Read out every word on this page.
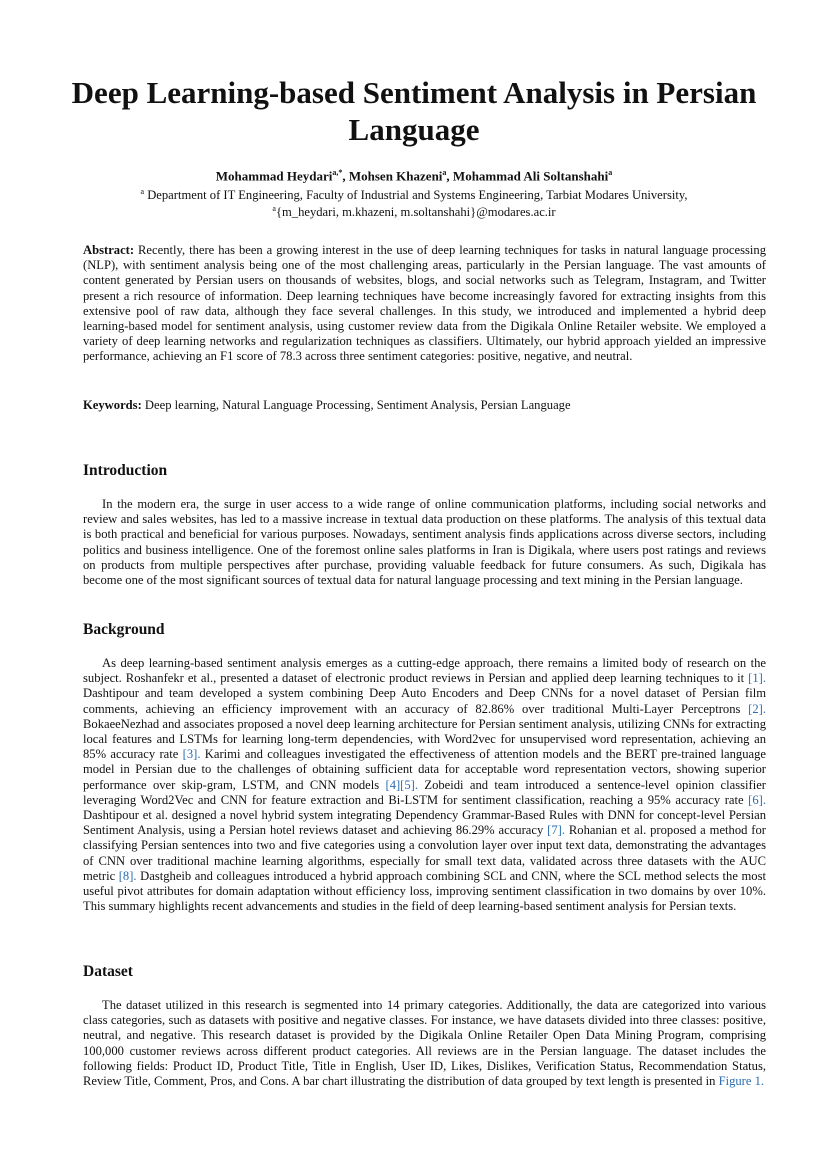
Deep Learning-based Sentiment Analysis in Persian Language
Mohammad Heydari$^{a,*}$, Mohsen Khazeni$^a$, Mohammad Ali Soltanshahi$^a$
$^a$ Department of IT Engineering, Faculty of Industrial and Systems Engineering, Tarbiat Modares University,
$^a${m_heydari, m.khazeni, m.soltanshahi}@modares.ac.ir
Abstract: Recently, there has been a growing interest in the use of deep learning techniques for tasks in natural language processing (NLP), with sentiment analysis being one of the most challenging areas, particularly in the Persian language. The vast amounts of content generated by Persian users on thousands of websites, blogs, and social networks such as Telegram, Instagram, and Twitter present a rich resource of information. Deep learning techniques have become increasingly favored for extracting insights from this extensive pool of raw data, although they face several challenges. In this study, we introduced and implemented a hybrid deep learning-based model for sentiment analysis, using customer review data from the Digikala Online Retailer website. We employed a variety of deep learning networks and regularization techniques as classifiers. Ultimately, our hybrid approach yielded an impressive performance, achieving an F1 score of 78.3 across three sentiment categories: positive, negative, and neutral.
Keywords: Deep learning, Natural Language Processing, Sentiment Analysis, Persian Language
Introduction
In the modern era, the surge in user access to a wide range of online communication platforms, including social networks and review and sales websites, has led to a massive increase in textual data production on these platforms. The analysis of this textual data is both practical and beneficial for various purposes. Nowadays, sentiment analysis finds applications across diverse sectors, including politics and business intelligence. One of the foremost online sales platforms in Iran is Digikala, where users post ratings and reviews on products from multiple perspectives after purchase, providing valuable feedback for future consumers. As such, Digikala has become one of the most significant sources of textual data for natural language processing and text mining in the Persian language.
Background
As deep learning-based sentiment analysis emerges as a cutting-edge approach, there remains a limited body of research on the subject. Roshanfekr et al., presented a dataset of electronic product reviews in Persian and applied deep learning techniques to it [1]. Dashtipour and team developed a system combining Deep Auto Encoders and Deep CNNs for a novel dataset of Persian film comments, achieving an efficiency improvement with an accuracy of 82.86% over traditional Multi-Layer Perceptrons [2]. BokaeeNezhad and associates proposed a novel deep learning architecture for Persian sentiment analysis, utilizing CNNs for extracting local features and LSTMs for learning long-term dependencies, with Word2vec for unsupervised word representation, achieving an 85% accuracy rate [3]. Karimi and colleagues investigated the effectiveness of attention models and the BERT pre-trained language model in Persian due to the challenges of obtaining sufficient data for acceptable word representation vectors, showing superior performance over skip-gram, LSTM, and CNN models [4][5]. Zobeidi and team introduced a sentence-level opinion classifier leveraging Word2Vec and CNN for feature extraction and Bi-LSTM for sentiment classification, reaching a 95% accuracy rate [6]. Dashtipour et al. designed a novel hybrid system integrating Dependency Grammar-Based Rules with DNN for concept-level Persian Sentiment Analysis, using a Persian hotel reviews dataset and achieving 86.29% accuracy [7]. Rohanian et al. proposed a method for classifying Persian sentences into two and five categories using a convolution layer over input text data, demonstrating the advantages of CNN over traditional machine learning algorithms, especially for small text data, validated across three datasets with the AUC metric [8]. Dastgheib and colleagues introduced a hybrid approach combining SCL and CNN, where the SCL method selects the most useful pivot attributes for domain adaptation without efficiency loss, improving sentiment classification in two domains by over 10%. This summary highlights recent advancements and studies in the field of deep learning-based sentiment analysis for Persian texts.
Dataset
The dataset utilized in this research is segmented into 14 primary categories. Additionally, the data are categorized into various class categories, such as datasets with positive and negative classes. For instance, we have datasets divided into three classes: positive, neutral, and negative. This research dataset is provided by the Digikala Online Retailer Open Data Mining Program, comprising 100,000 customer reviews across different product categories. All reviews are in the Persian language. The dataset includes the following fields: Product ID, Product Title, Title in English, User ID, Likes, Dislikes, Verification Status, Recommendation Status, Review Title, Comment, Pros, and Cons. A bar chart illustrating the distribution of data grouped by text length is presented in Figure 1.
